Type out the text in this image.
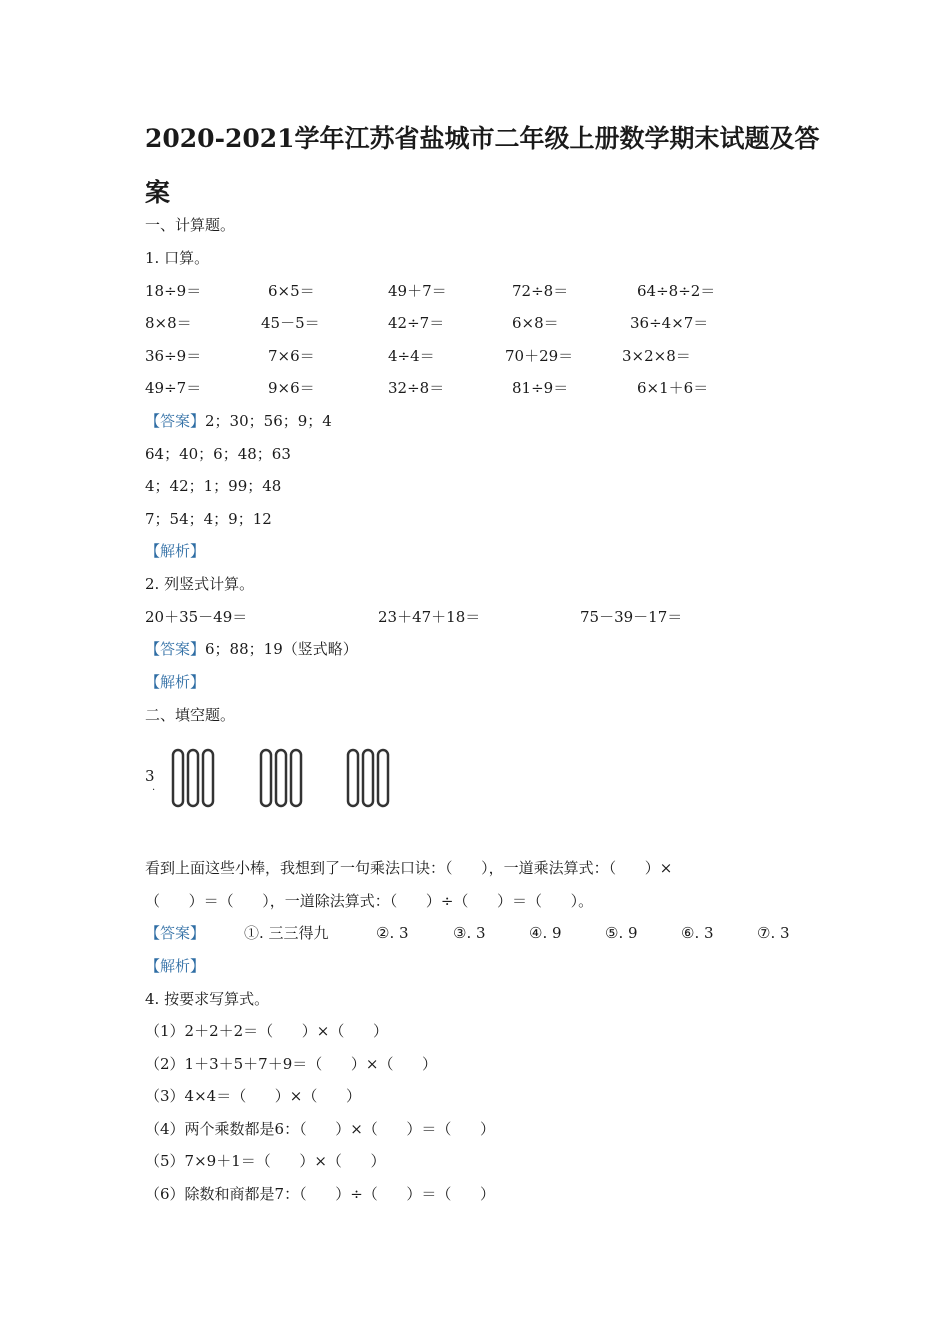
2020-2021学年江苏省盐城市二年级上册数学期末试题及答案
一、计算题。
1. 口算。
18÷9＝	6×5＝	49＋7＝	72÷8＝	64÷8÷2＝
8×8＝	45－5＝	42÷7＝	6×8＝	36÷4×7＝
36÷9＝	7×6＝	4÷4＝	70＋29＝	3×2×8＝
49÷7＝	9×6＝	32÷8＝	81÷9＝	6×1＋6＝
【答案】2；30；56；9；4
64；40；6；48；63
4；42；1；99；48
7；54；4；9；12
【解析】
2. 列竖式计算。
20＋35－49＝	23＋47＋18＝	75－39－17＝
【答案】6；88；19（竖式略）
【解析】
二、填空题。
3
.
看到上面这些小棒，我想到了一句乘法口诀：（      ），一道乘法算式：（      ）×
（      ）＝（      ），一道除法算式：（      ）÷（      ）＝（      ）。
【答案】	①. 三三得九	②. 3	③. 3	④. 9	⑤. 9	⑥. 3	⑦. 3
【解析】
4. 按要求写算式。
（1）2＋2＋2＝（      ）×（      ）
（2）1＋3＋5＋7＋9＝（      ）×（      ）
（3）4×4＝（      ）×（      ）
（4）两个乘数都是6：（      ）×（      ）＝（      ）
（5）7×9＋1＝（      ）×（      ）
（6）除数和商都是7：（      ）÷（      ）＝（      ）
